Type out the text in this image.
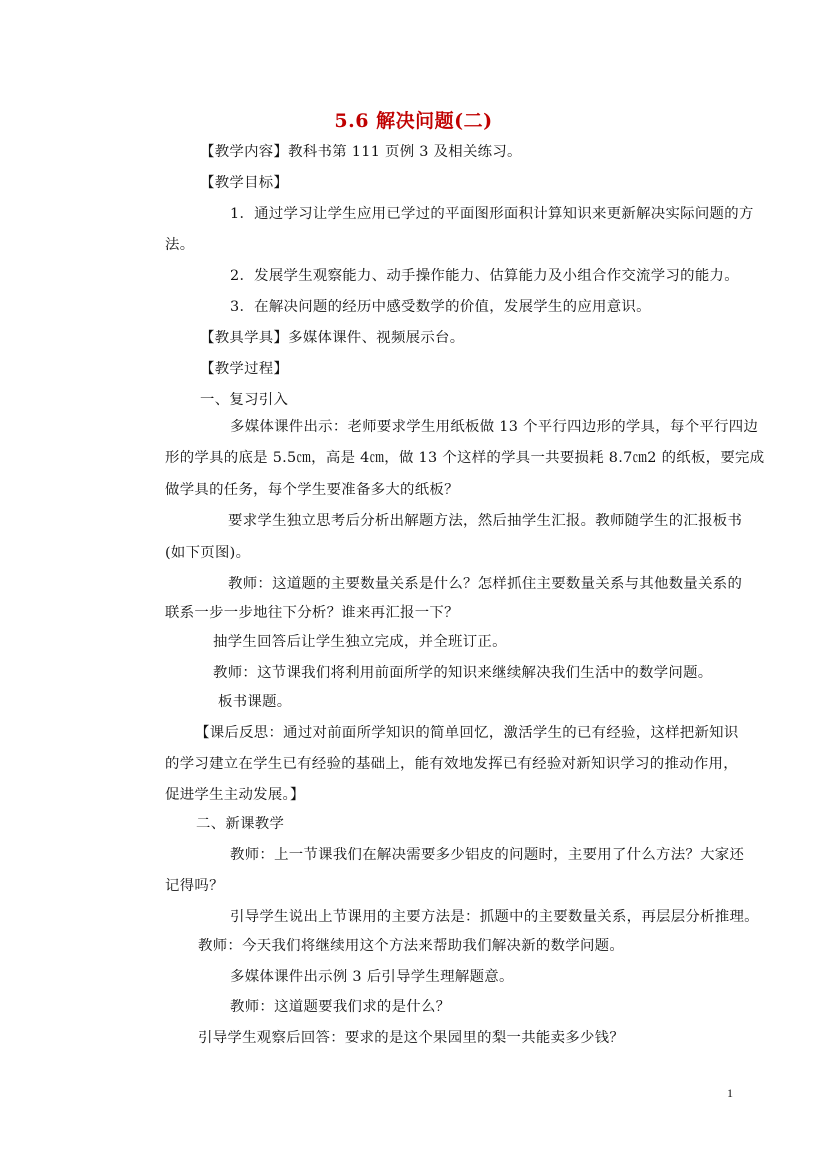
5.6 解决问题(二)
【教学内容】教科书第 111 页例 3 及相关练习。
【教学目标】
1．通过学习让学生应用已学过的平面图形面积计算知识来更新解决实际问题的方
法。
2．发展学生观察能力、动手操作能力、估算能力及小组合作交流学习的能力。
3．在解决问题的经历中感受数学的价值，发展学生的应用意识。
【教具学具】多媒体课件、视频展示台。
【教学过程】
一、复习引入
多媒体课件出示：老师要求学生用纸板做 13 个平行四边形的学具，每个平行四边
形的学具的底是 5.5㎝，高是 4㎝，做 13 个这样的学具一共要损耗 8.7㎝2 的纸板，要完成
做学具的任务，每个学生要准备多大的纸板？
要求学生独立思考后分析出解题方法，然后抽学生汇报。教师随学生的汇报板书
(如下页图)。
教师：这道题的主要数量关系是什么？怎样抓住主要数量关系与其他数量关系的
联系一步一步地往下分析？谁来再汇报一下？
抽学生回答后让学生独立完成，并全班订正。
教师：这节课我们将利用前面所学的知识来继续解决我们生活中的数学问题。
板书课题。
【课后反思：通过对前面所学知识的简单回忆，激活学生的已有经验，这样把新知识
的学习建立在学生已有经验的基础上，能有效地发挥已有经验对新知识学习的推动作用，
促进学生主动发展。】
二、新课教学
教师：上一节课我们在解决需要多少铝皮的问题时，主要用了什么方法？大家还
记得吗？
引导学生说出上节课用的主要方法是：抓题中的主要数量关系，再层层分析推理。
教师：今天我们将继续用这个方法来帮助我们解决新的数学问题。
多媒体课件出示例 3 后引导学生理解题意。
教师：这道题要我们求的是什么？
引导学生观察后回答：要求的是这个果园里的梨一共能卖多少钱？
1
